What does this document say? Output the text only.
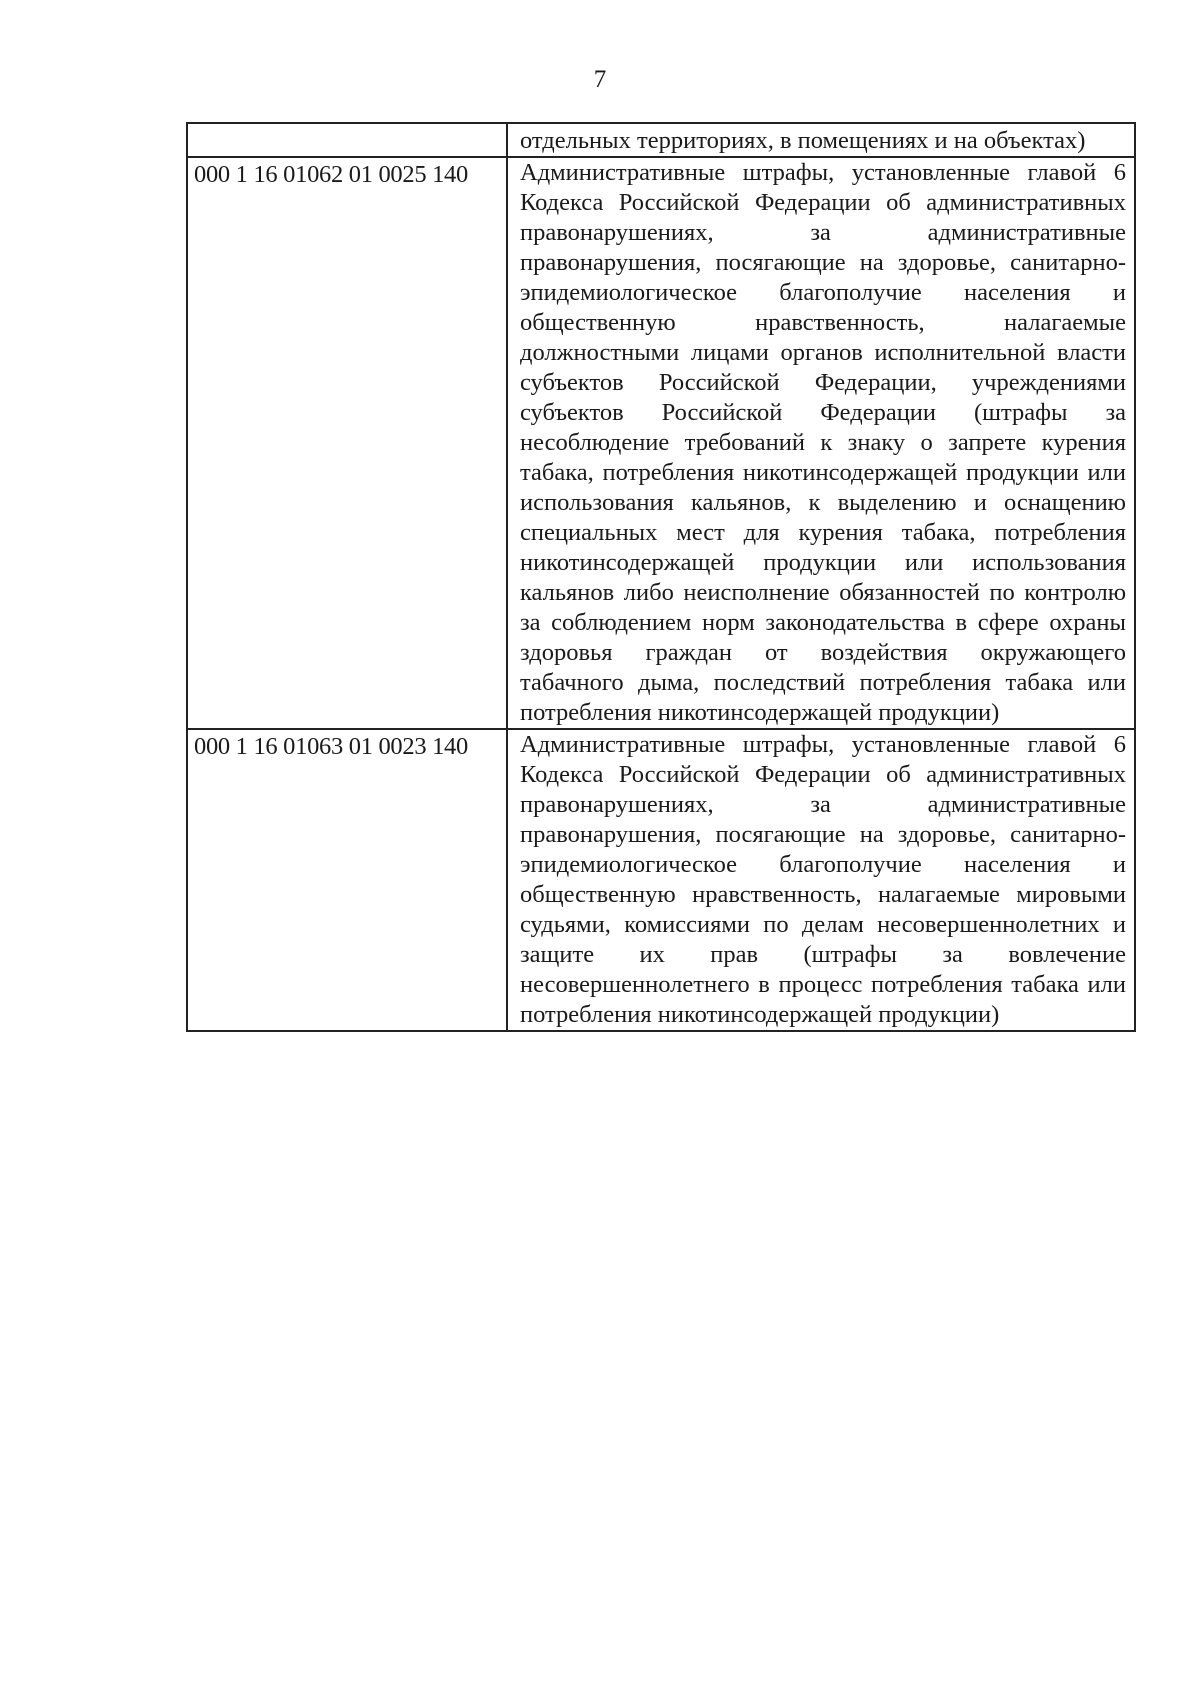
7
	отдельных территориях, в помещениях и на объектах)
000 1 16 01062 01 0025 140	Административные штрафы, установленные главой 6 Кодекса Российской Федерации об административных правонарушениях, за административные правонарушения, посягающие на здоровье, санитарно-эпидемиологическое благополучие населения и общественную нравственность, налагаемые должностными лицами органов исполнительной власти субъектов Российской Федерации, учреждениями субъектов Российской Федерации (штрафы за несоблюдение требований к знаку о запрете курения табака, потребления никотинсодержащей продукции или использования кальянов, к выделению и оснащению специальных мест для курения табака, потребления никотинсодержащей продукции или использования кальянов либо неисполнение обязанностей по контролю за соблюдением норм законодательства в сфере охраны здоровья граждан от воздействия окружающего табачного дыма, последствий потребления табака или потребления никотинсодержащей продукции)
000 1 16 01063 01 0023 140	Административные штрафы, установленные главой 6 Кодекса Российской Федерации об административных правонарушениях, за административные правонарушения, посягающие на здоровье, санитарно-эпидемиологическое благополучие населения и общественную нравственность, налагаемые мировыми судьями, комиссиями по делам несовершеннолетних и защите их прав (штрафы за вовлечение несовершеннолетнего в процесс потребления табака или потребления никотинсодержащей продукции)
